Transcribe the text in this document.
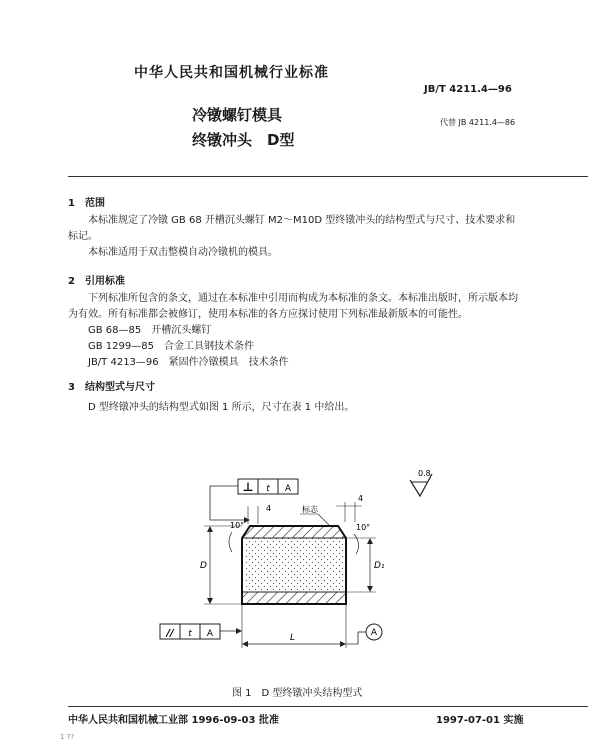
中华人民共和国机械行业标准
JB/T 4211.4—96
冷镦螺钉模具
终镦冲头　D型
代替 JB 4211.4—86
1　范围
本标准规定了冷镦 GB 68 开槽沉头螺钉 M2～M10D 型终镦冲头的结构型式与尺寸、技术要求和
标记。
本标准适用于双击整模自动冷镦机的模具。
2　引用标准
下列标准所包含的条文，通过在本标准中引用而构成为本标准的条文。本标准出版时，所示版本均
为有效。所有标准都会被修订，使用本标准的各方应探讨使用下列标准最新版本的可能性。
GB 68—85　开槽沉头螺钉
GB 1299—85　合金工具钢技术条件
JB/T 4213—96　紧固件冷镦模具　技术条件
3　结构型式与尺寸
D 型终镦冲头的结构型式如图 1 所示，尺寸在表 1 中给出。
0.8
⊥ t A
4
标志
4
10°	10°
D	D₁
L
// t A	A
图 1　D 型终镦冲头结构型式
中华人民共和国机械工业部 1996-09-03 批准	1997-07-01 实施
1 ??
